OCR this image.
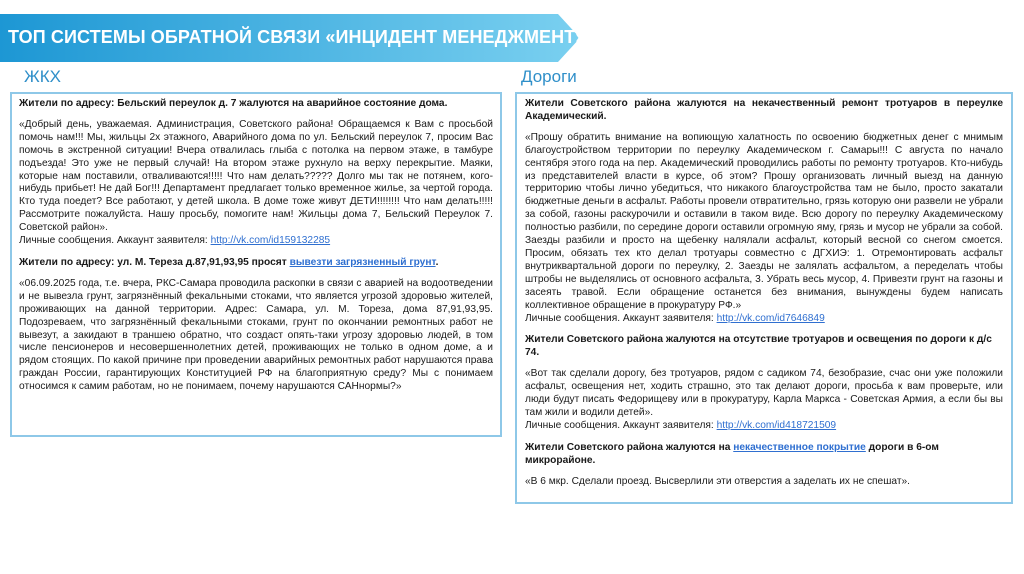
ТОП СИСТЕМЫ ОБРАТНОЙ СВЯЗИ «ИНЦИДЕНТ МЕНЕДЖМЕНТ»
ЖКХ	Дороги

Жители по адресу: Бельский переулок д. 7 жалуются на аварийное состояние дома.

«Добрый день, уважаемая. Администрация, Советского района! Обращаемся к Вам с просьбой помочь нам!!! Мы, жильцы 2х этажного, Аварийного дома по ул. Бельский переулок 7, просим Вас помочь в экстренной ситуации! Вчера отвалилась глыба с потолка на первом этаже, в тамбуре подъезда! Это уже не первый случай! На втором этаже рухнуло на верху перекрытие. Маяки, которые нам поставили, отваливаются!!!!! Что нам делать????? Долго мы так не потянем, кого-нибудь прибьет! Не дай Бог!!! Департамент предлагает только временное жилье, за чертой города. Кто туда поедет? Все работают, у детей школа. В доме тоже живут ДЕТИ!!!!!!!! Что нам делать!!!!! Рассмотрите пожалуйста. Нашу просьбу, помогите нам! Жильцы дома 7, Бельский Переулок 7. Советской район».

Личные сообщения. Аккаунт заявителя: http://vk.com/id159132285

Жители по адресу: ул. М. Тереза д.87,91,93,95 просят вывезти загрязненный грунт.

«06.09.2025 года, т.е. вчера, РКС-Самара проводила раскопки в связи с аварией на водоотведении и не вывезла грунт, загрязнённый фекальными стоками, что является угрозой здоровью жителей, проживающих на данной территории. Адрес: Самара, ул. М. Тореза, дома 87,91,93,95. Подозреваем, что загрязнённый фекальными стоками, грунт по окончании ремонтных работ не вывезут, а закидают в траншею обратно, что создаст опять-таки угрозу здоровью людей, в том числе пенсионеров и несовершеннолетних детей, проживающих не только в одном доме, а и рядом стоящих. По какой причине при проведении аварийных ремонтных работ нарушаются права граждан России, гарантирующих Конституцией РФ на благоприятную среду? Мы с понимаем относимся к самим работам, но не понимаем, почему нарушаются САНнормы?»

Жители Советского района жалуются на некачественный ремонт тротуаров в переулке Академический.

«Прошу обратить внимание на вопиющую халатность по освоению бюджетных денег с мнимым благоустройством территории по переулку Академическом г. Самары!!! С августа по начало сентября этого года на пер. Академический проводились работы по ремонту тротуаров. Кто-нибудь из представителей власти в курсе, об этом? Прошу организовать личный выезд на данную территорию чтобы лично убедиться, что никакого благоустройства там не было, просто закатали бюджетные деньги в асфальт. Работы провели отвратительно, грязь которую они развели не убрали за собой, газоны раскурочили и оставили в таком виде. Всю дорогу по переулку Академическому полностью разбили, по середине дороги оставили огромную яму, грязь и мусор не убрали за собой. Заезды разбили и просто на щебенку налялали асфальт, который весной со снегом смоется. Просим, обязать тех кто делал тротуары совместно с ДГХИЭ: 1. Отремонтировать асфальт внутриквартальной дороги по переулку, 2. Заезды не залялать асфальтом, а переделать чтобы штробы не выделялись от основного асфальта, 3. Убрать весь мусор, 4. Привезти грунт на газоны и засеять травой. Если обращение останется без внимания, вынуждены будем написать коллективное обращение в прокуратуру РФ.»

Личные сообщения. Аккаунт заявителя: http://vk.com/id7646849

Жители Советского района жалуются на отсутствие тротуаров и освещения по дороги к д/с 74.

«Вот так сделали дорогу, без тротуаров, рядом с садиком 74, безобразие, счас они уже положили асфальт, освещения нет, ходить страшно, это так делают дороги, просьба к вам проверьте, или люди будут писать Федорищеву или в прокуратуру, Карла Маркса - Советская Армия, а если бы вы там жили и водили детей».

Личные сообщения. Аккаунт заявителя: http://vk.com/id418721509

Жители Советского района жалуются на некачественное покрытие дороги в 6-ом микрорайоне.

«В 6 мкр. Сделали проезд. Высверлили эти отверстия а заделать их не спешат».
